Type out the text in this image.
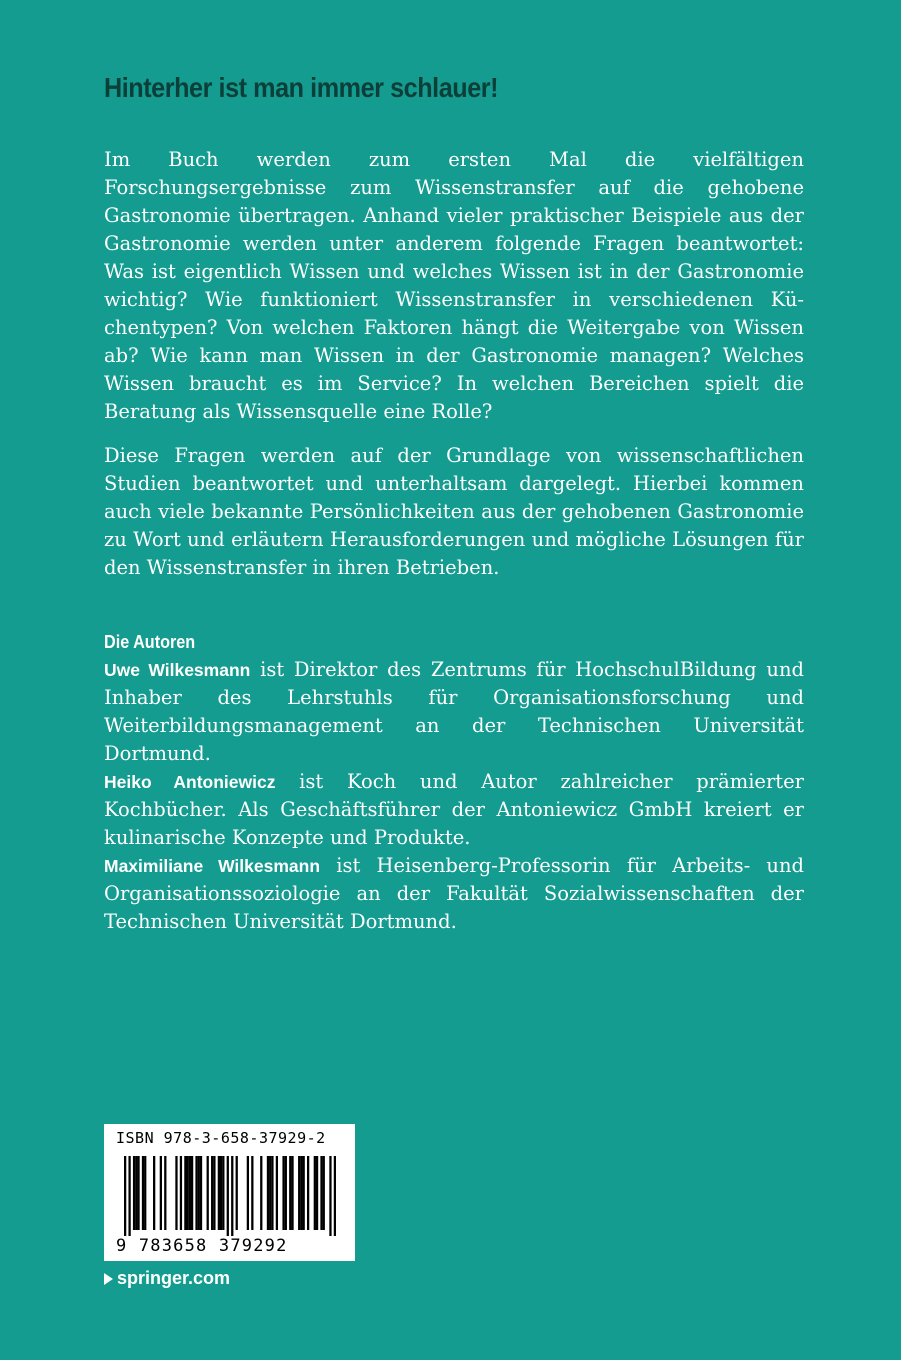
Hinterher ist man immer schlauer!

Im Buch werden zum ersten Mal die vielfältigen Forschungsergebnisse zum Wissenstransfer auf die gehobene Gastronomie übertragen. Anhand vieler praktischer Beispiele aus der Gastronomie werden unter anderem folgende Fragen beantwortet: Was ist eigentlich Wissen und welches Wissen ist in der Gastronomie wichtig? Wie funktioniert Wissenstransfer in verschiedenen Küchentypen? Von welchen Faktoren hängt die Weitergabe von Wissen ab? Wie kann man Wissen in der Gastronomie managen? Welches Wissen braucht es im Service? In welchen Bereichen spielt die Beratung als Wissensquelle eine Rolle?

Diese Fragen werden auf der Grundlage von wissenschaftlichen Studien beantwortet und unterhaltsam dargelegt. Hierbei kommen auch viele bekannte Persönlichkeiten aus der gehobenen Gastronomie zu Wort und erläutern Herausforderungen und mögliche Lösungen für den Wissenstransfer in ihren Betrieben.

Die Autoren
Uwe Wilkesmann ist Direktor des Zentrums für HochschulBildung und Inhaber des Lehrstuhls für Organisationsforschung und Weiterbildungsmanagement an der Technischen Universität Dortmund.
Heiko Antoniewicz ist Koch und Autor zahlreicher prämierter Kochbücher. Als Geschäftsführer der Antoniewicz GmbH kreiert er kulinarische Konzepte und Produkte.
Maximiliane Wilkesmann ist Heisenberg-Professorin für Arbeits- und Organisationssoziologie an der Fakultät Sozialwissenschaften der Technischen Universität Dortmund.
ISBN 978-3-658-37929-2
9 783658 379292
springer.com
